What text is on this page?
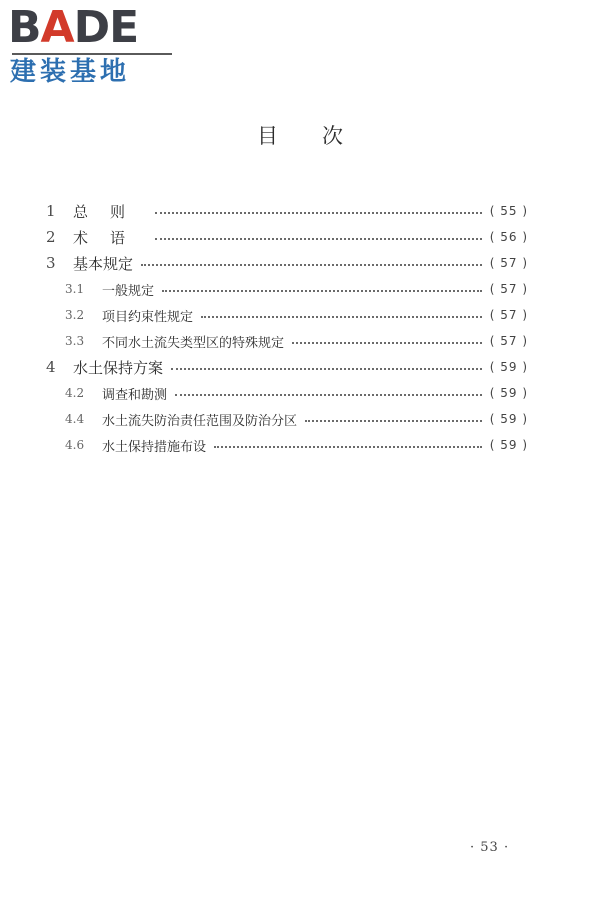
BADE
建装基地
目次
1	总则	( 55 )
2	术语	( 56 )
3	基本规定	( 57 )
3.1	一般规定	( 57 )
3.2	项目约束性规定	( 57 )
3.3	不同水土流失类型区的特殊规定	( 57 )
4	水土保持方案	( 59 )
4.2	调查和勘测	( 59 )
4.4	水土流失防治责任范围及防治分区	( 59 )
4.6	水土保持措施布设	( 59 )
· 53 ·
